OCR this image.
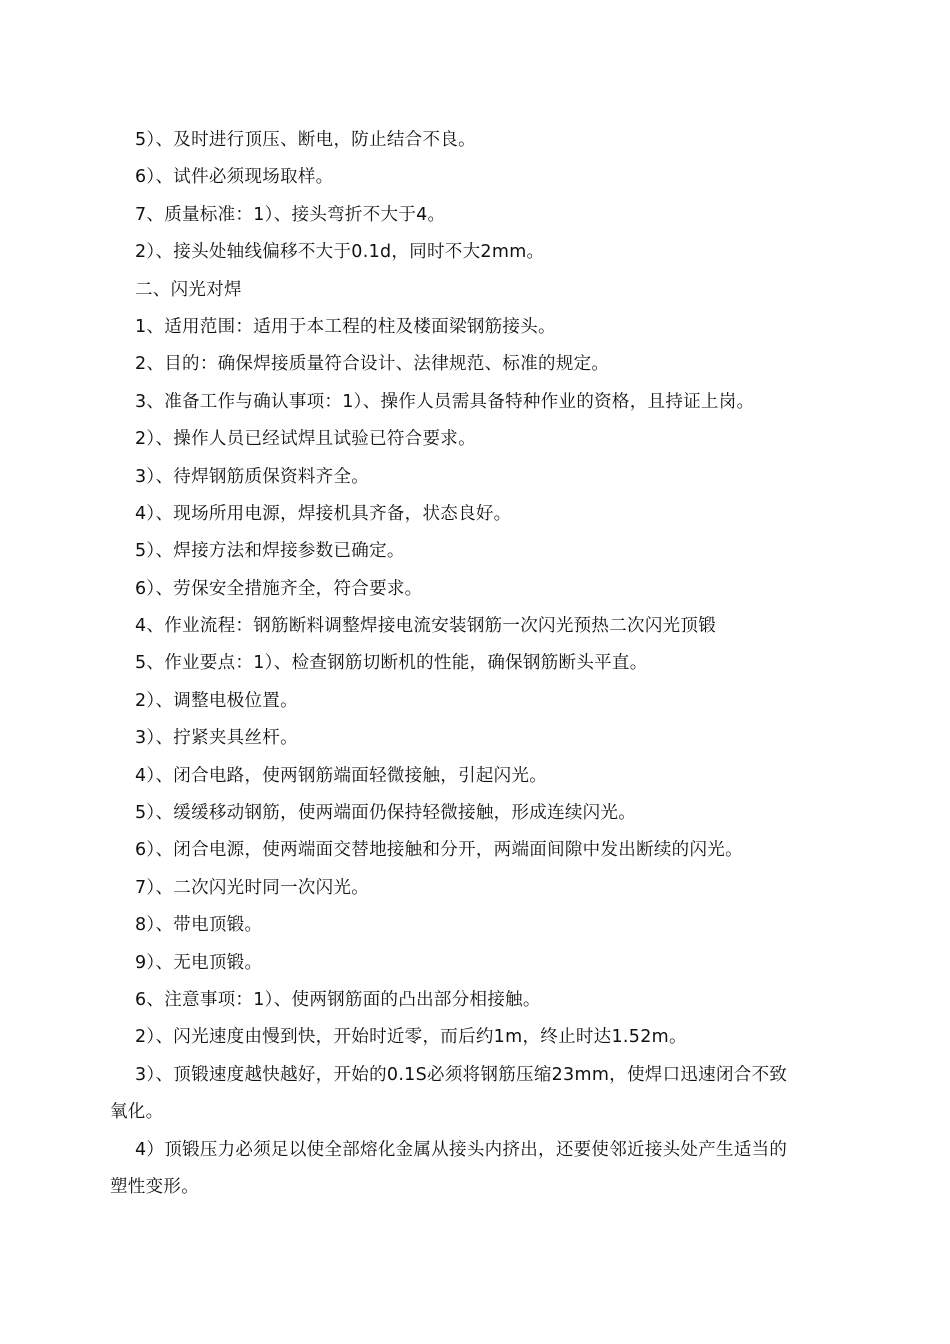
5）、及时进行顶压、断电，防止结合不良。
6）、试件必须现场取样。
7、质量标准：1）、接头弯折不大于4。
2）、接头处轴线偏移不大于0.1d，同时不大2mm。
二、闪光对焊
1、适用范围：适用于本工程的柱及楼面梁钢筋接头。
2、目的：确保焊接质量符合设计、法律规范、标准的规定。
3、准备工作与确认事项：1）、操作人员需具备特种作业的资格，且持证上岗。
2）、操作人员已经试焊且试验已符合要求。
3）、待焊钢筋质保资料齐全。
4）、现场所用电源，焊接机具齐备，状态良好。
5）、焊接方法和焊接参数已确定。
6）、劳保安全措施齐全，符合要求。
4、作业流程：钢筋断料调整焊接电流安装钢筋一次闪光预热二次闪光顶锻
5、作业要点：1）、检查钢筋切断机的性能，确保钢筋断头平直。
2）、调整电极位置。
3）、拧紧夹具丝杆。
4）、闭合电路，使两钢筋端面轻微接触，引起闪光。
5）、缓缓移动钢筋，使两端面仍保持轻微接触，形成连续闪光。
6）、闭合电源，使两端面交替地接触和分开，两端面间隙中发出断续的闪光。
7）、二次闪光时同一次闪光。
8）、带电顶锻。
9）、无电顶锻。
6、注意事项：1）、使两钢筋面的凸出部分相接触。
2）、闪光速度由慢到快，开始时近零，而后约1m，终止时达1.52m。
3）、顶锻速度越快越好，开始的0.1S必须将钢筋压缩23mm，使焊口迅速闭合不致
氧化。
4）顶锻压力必须足以使全部熔化金属从接头内挤出，还要使邻近接头处产生适当的
塑性变形。
